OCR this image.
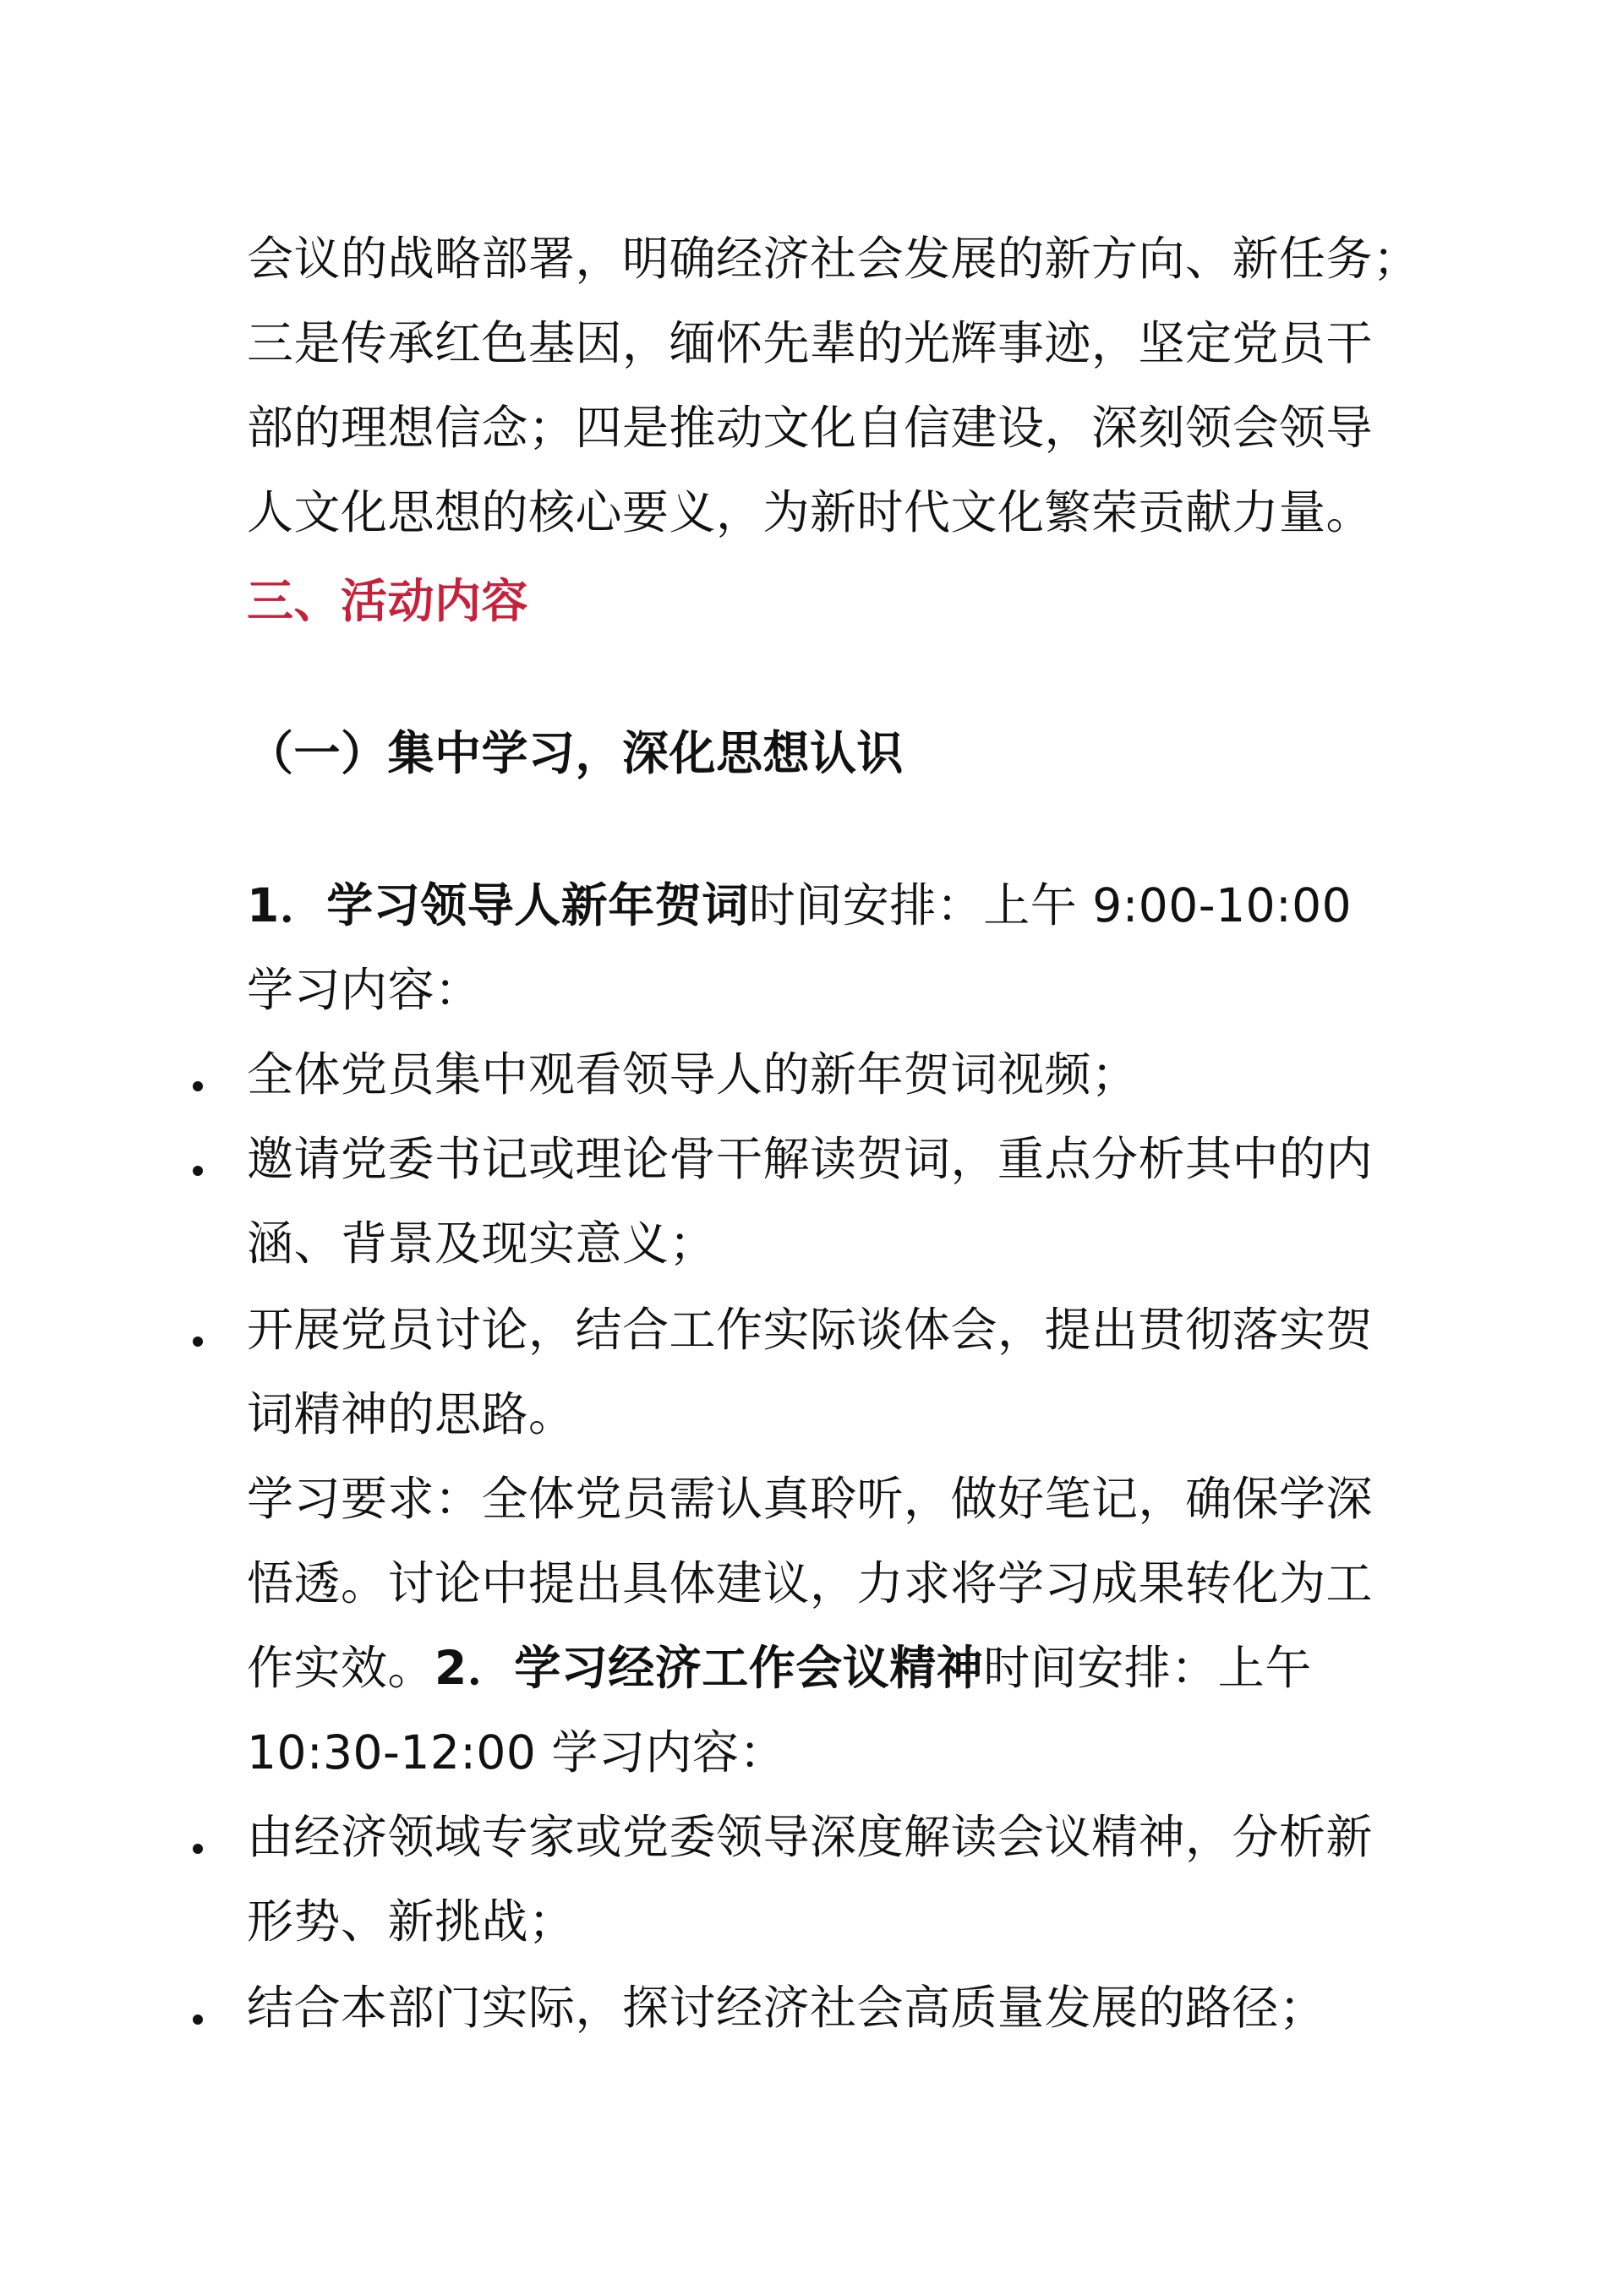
会议的战略部署，明确经济社会发展的新方向、新任务；
三是传承红色基因，缅怀先辈的光辉事迹，坚定党员干
部的理想信念；四是推动文化自信建设，深刻领会领导
人文化思想的核心要义，为新时代文化繁荣贡献力量。
三、活动内容
（一）集中学习，深化思想认识
1．学习领导人新年贺词时间安排：上午 9:00-10:00
学习内容：
全体党员集中观看领导人的新年贺词视频；
邀请党委书记或理论骨干解读贺词，重点分析其中的内
涵、背景及现实意义；
开展党员讨论，结合工作实际谈体会，提出贯彻落实贺
词精神的思路。
学习要求：全体党员需认真聆听，做好笔记，确保学深
悟透。讨论中提出具体建议，力求将学习成果转化为工
作实效。2．学习经济工作会议精神时间安排：上午
10:30-12:00 学习内容：
由经济领域专家或党委领导深度解读会议精神，分析新
形势、新挑战；
结合本部门实际，探讨经济社会高质量发展的路径；
